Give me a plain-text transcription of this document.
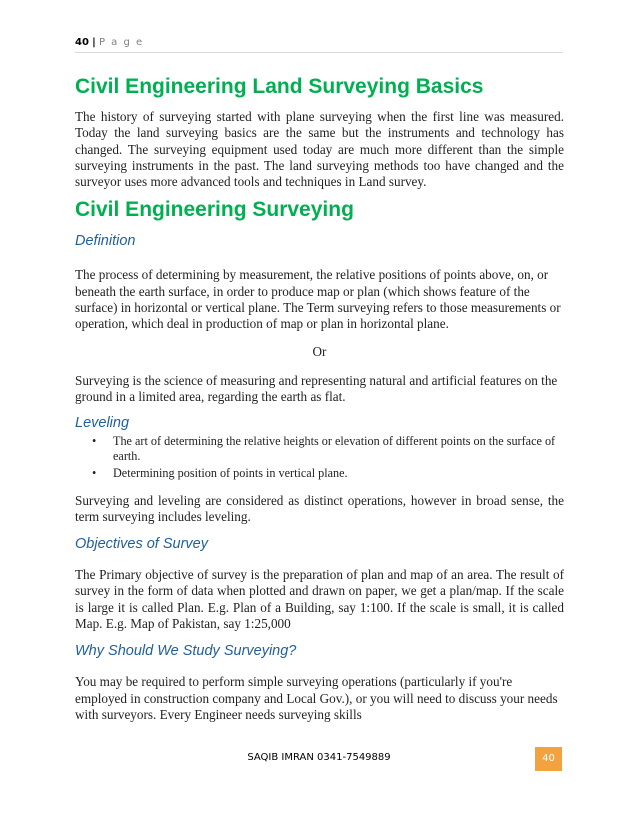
40 | P a g e
Civil Engineering Land Surveying Basics

The history of surveying started with plane surveying when the first line was measured. Today the land surveying basics are the same but the instruments and technology has changed. The surveying equipment used today are much more different than the simple surveying instruments in the past. The land surveying methods too have changed and the surveyor uses more advanced tools and techniques in Land survey.

Civil Engineering Surveying
Definition

The process of determining by measurement, the relative positions of points above, on, or beneath the earth surface, in order to produce map or plan (which shows feature of the surface) in horizontal or vertical plane. The Term surveying refers to those measurements or operation, which deal in production of map or plan in horizontal plane.

Or

Surveying is the science of measuring and representing natural and artificial features on the ground in a limited area, regarding the earth as flat.

Leveling
• The art of determining the relative heights or elevation of different points on the surface of earth.
• Determining position of points in vertical plane.

Surveying and leveling are considered as distinct operations, however in broad sense, the term surveying includes leveling.

Objectives of Survey

The Primary objective of survey is the preparation of plan and map of an area. The result of survey in the form of data when plotted and drawn on paper, we get a plan/map. If the scale is large it is called Plan. E.g. Plan of a Building, say 1:100. If the scale is small, it is called Map. E.g. Map of Pakistan, say 1:25,000

Why Should We Study Surveying?

You may be required to perform simple surveying operations (particularly if you're employed in construction company and Local Gov.), or you will need to discuss your needs with surveyors. Every Engineer needs surveying skills

SAQIB IMRAN 0341-7549889	40
